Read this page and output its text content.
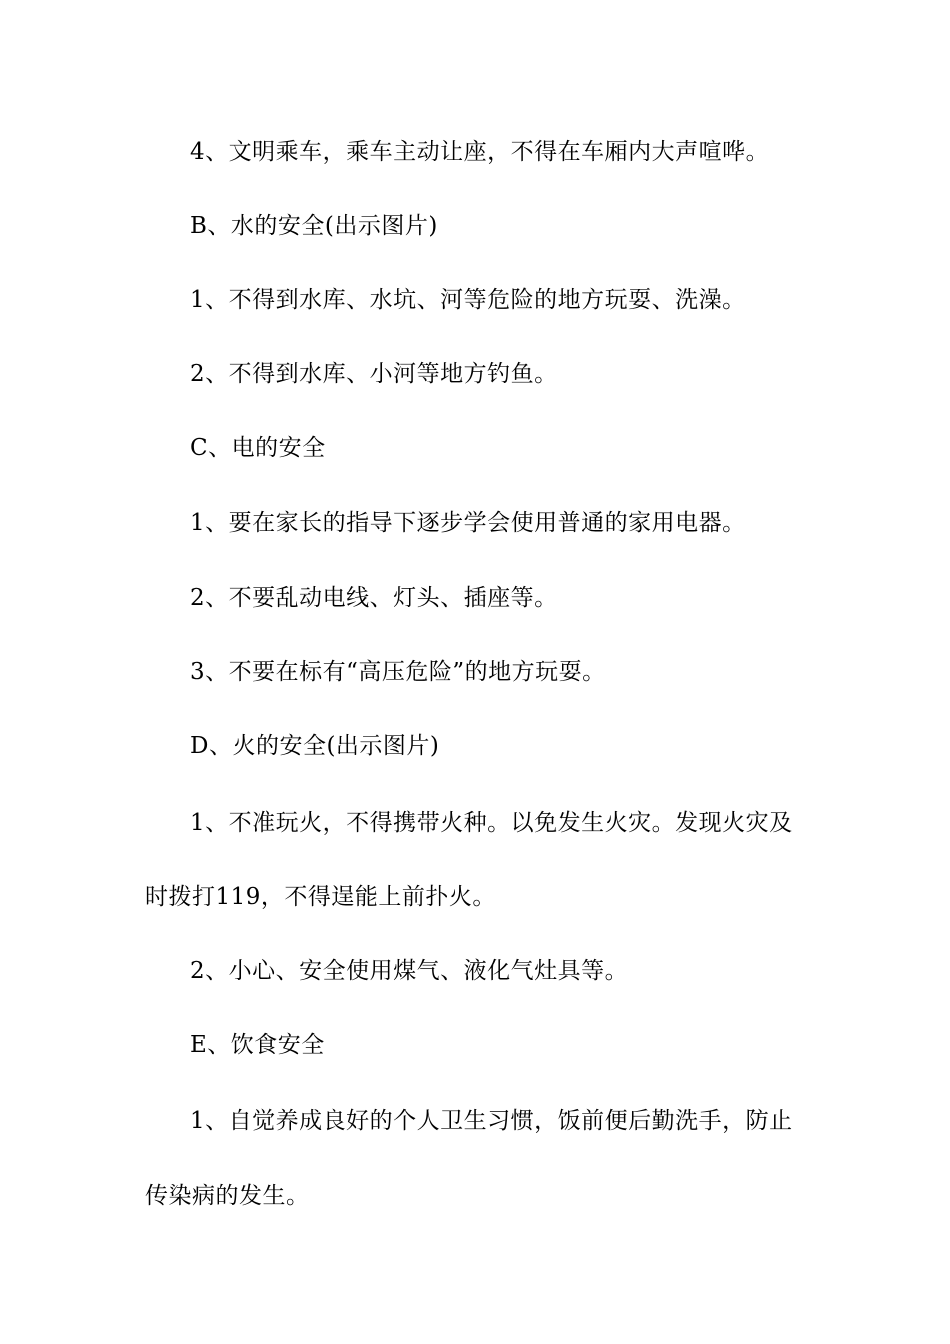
4、文明乘车，乘车主动让座，不得在车厢内大声喧哗。
B、水的安全(出示图片)
1、不得到水库、水坑、河等危险的地方玩耍、洗澡。
2、不得到水库、小河等地方钓鱼。
C、电的安全
1、要在家长的指导下逐步学会使用普通的家用电器。
2、不要乱动电线、灯头、插座等。
3、不要在标有“高压危险”的地方玩耍。
D、火的安全(出示图片)
1、不准玩火，不得携带火种。以免发生火灾。发现火灾及
时拨打119，不得逞能上前扑火。
2、小心、安全使用煤气、液化气灶具等。
E、饮食安全
1、自觉养成良好的个人卫生习惯，饭前便后勤洗手，防止
传染病的发生。
